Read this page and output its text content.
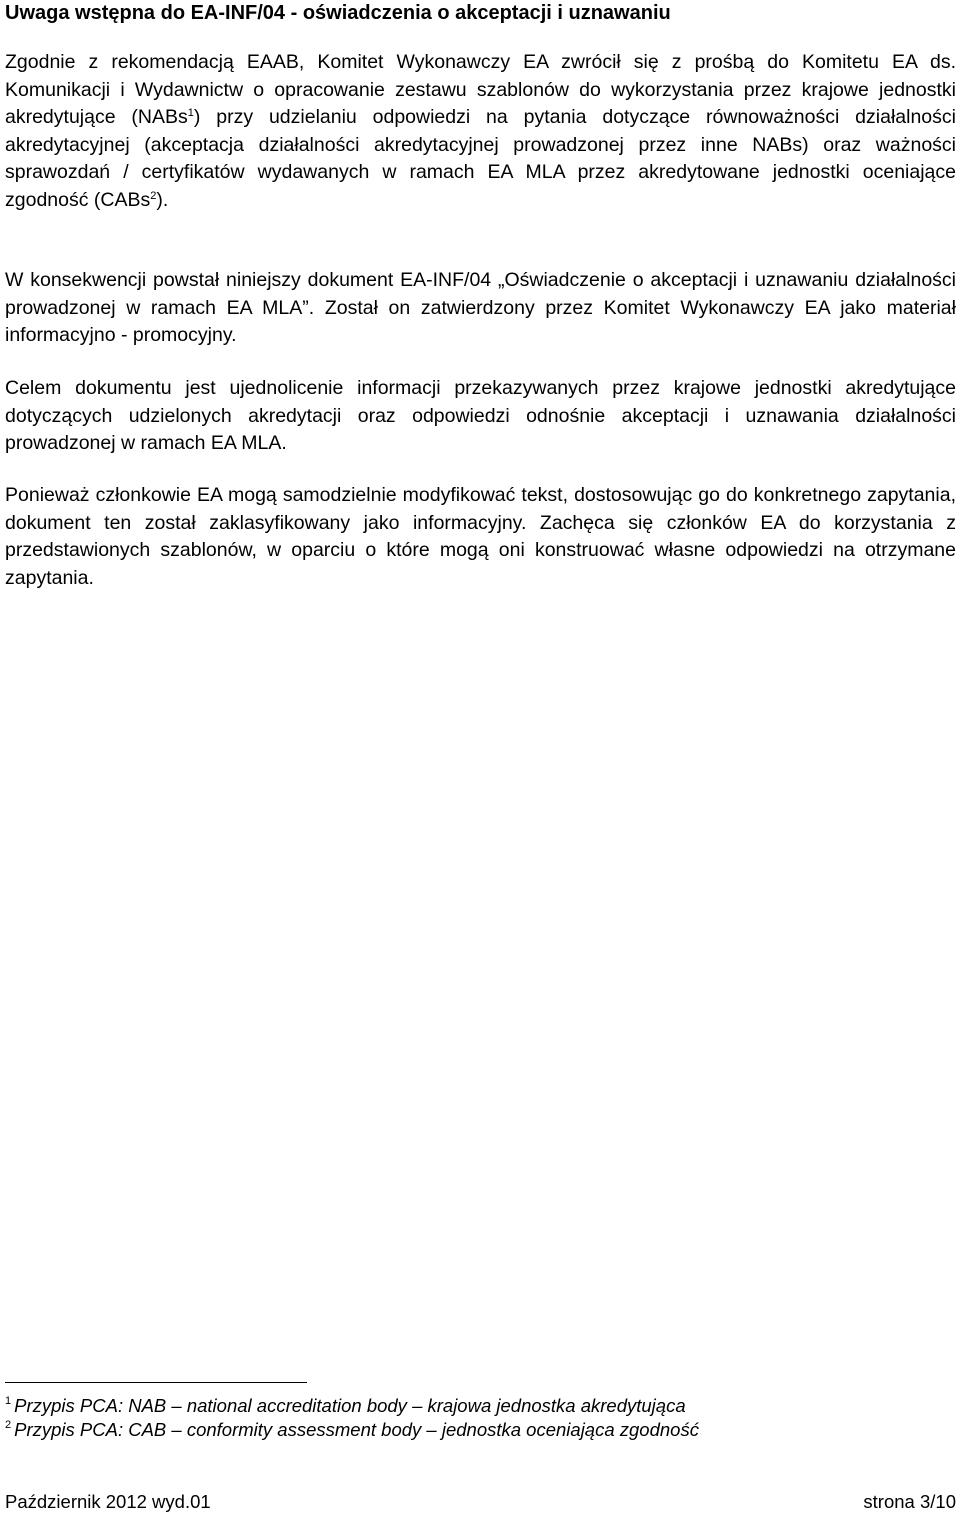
Uwaga wstępna do EA-INF/04 - oświadczenia o akceptacji i uznawaniu

Zgodnie z rekomendacją EAAB, Komitet Wykonawczy EA zwrócił się z prośbą do Komitetu EA ds. Komunikacji i Wydawnictw o opracowanie zestawu szablonów do wykorzystania przez krajowe jednostki akredytujące (NABs$^1$) przy udzielaniu odpowiedzi na pytania dotyczące równoważności działalności akredytacyjnej (akceptacja działalności akredytacyjnej prowadzonej przez inne NABs) oraz ważności sprawozdań / certyfikatów wydawanych w ramach EA MLA przez akredytowane jednostki oceniające zgodność (CABs$^2$).

W konsekwencji powstał niniejszy dokument EA-INF/04 „Oświadczenie o akceptacji i uznawaniu działalności prowadzonej w ramach EA MLA”. Został on zatwierdzony przez Komitet Wykonawczy EA jako materiał informacyjno - promocyjny.

Celem dokumentu jest ujednolicenie informacji przekazywanych przez krajowe jednostki akredytujące dotyczących udzielonych akredytacji oraz odpowiedzi odnośnie akceptacji i uznawania działalności prowadzonej w ramach EA MLA.

Ponieważ członkowie EA mogą samodzielnie modyfikować tekst, dostosowując go do konkretnego zapytania, dokument ten został zaklasyfikowany jako informacyjny. Zachęca się członków EA do korzystania z przedstawionych szablonów, w oparciu o które mogą oni konstruować własne odpowiedzi na otrzymane zapytania.

$^1$ Przypis PCA: NAB – national accreditation body – krajowa jednostka akredytująca
$^2$ Przypis PCA: CAB – conformity assessment body – jednostka oceniająca zgodność
Październik 2012 wyd.01	strona 3/10
